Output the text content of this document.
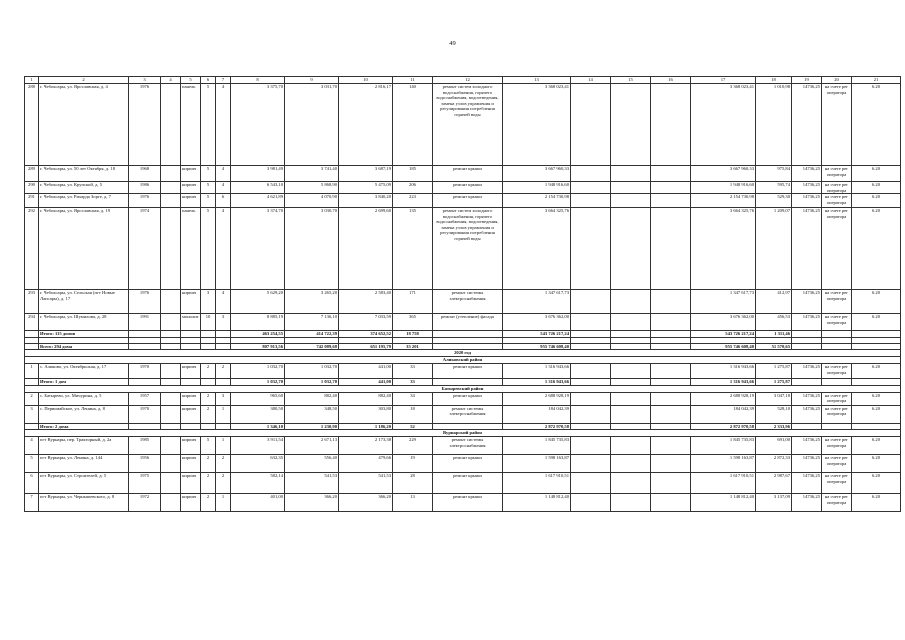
49
1	2	3	4	5	6	7	8	9	10	11	12	13	14	15	16	17	18	19	20	21
288	г. Чебоксары, ул. Ярославская, д. 4	1976		панель	5	4	3 375,70	3 031,70	2 816,17	140	ремонт систем холодного водоснабжения, горячего водоснабжения, водоотведения, замена узлов управления и регулирования потребления горячей воды	3 368 023,41				3 368 023,41	1 010,98	14736,25	на счете рег оператора	6.20
289	г. Чебоксары, ул. 50 лет Октября, д. 18	1968		кирпич	5	4	3 981,49	3 741,40	3 687,19	185	ремонт крыши	3 667 960,33				3 667 960,33	975,84	14736,25	на счете рег оператора	6.20
290	г. Чебоксары, ул. Крупской, д. 5	1986		кирпич	5	4	6 543,10	5 868,90	5 475,09	206	ремонт крыши	1 948 916,60				1 948 916,60	595,74	14736,25	на счете рег оператора	6.20
291	г. Чебоксары, ул. Рихарда Зорге, д. 7	1976		кирпич	5	6	4 621,89	4 070,90	3 840,20	223	ремонт крыши	2 154 730,98				2 154 730,98	529,30	14736,25	на счете рег оператора	6.20
292	г. Чебоксары, ул. Ярославская, д. 19	1974		панель	5	4	3 374,70	3 030,70	2 699,60	135	ремонт систем холодного водоснабжения, горячего водоснабжения, водоотведения, замена узлов управления и регулирования потребления горячей воды	3 664 325,76				3 664 325,76	1 209,07	14736,25	на счете рег оператора	6.20
293	г. Чебоксары, ул. Сельская (пгт Новые Лапсары), д. 17	1976		кирпич	3	4	5 629,20	3 265,20	2 583,40	171	ремонт системы электроснабжения	1 347 617,73				1 347 617,73	412,97	14736,25	на счете рег оператора	6.20
294	г. Чебоксары, ул. Шумилова, д. 28	1991		монолит	10	3	8 885,19	7 136,10	7 033,59	365	ремонт (утепление) фасада	3 676 362,00				3 676 362,00	456,53	14736,25	на счете рег оператора	6.20
	Итого: 115 домов						463 254,55	414 722,39	374 652,52	18 758		543 726 217,24				543 726 217,24	1 311,46			

	Всего: 294 дома						807 913,56	742 089,68	651 195,79	35 201		955 746 608,40				955 746 608,40	51 570,65			
2020 год																				
Аликовский район																				
1	с. Аликово, ул. Октябрьская, д. 17	1970		кирпич	2	2	1 032,70	1 032,70	441,00	33	ремонт крыши	1 316 943,66				1 316 943,66	1 275,87	14736,25	на счете рег оператора	6.20
	Итого: 1 дом						1 032,70	1 032,70	441,00	33		1 316 943,66				1 316 943,66	1 275,87			
Батыревский район																				
2	с. Батырево, ул. Мичурина, д. 5	1957		кирпич	2	3	965,60	882,40	882,40	34	ремонт крыши	2 688 928,19				2 688 928,19	3 047,18	14736,25	на счете рег оператора	6.20
3	с. Первомайское, ул. Ленина, д. 8	1970		кирпич	2	1	380,50	348,50	303,80	18	ремонт системы электроснабжения	184 042,39				184 042,39	528,10	14736,25	на счете рег оператора	6.20
	Итого: 2 дома						1 346,10	1 230,90	1 186,20	52		2 872 970,58				2 872 970,58	2 333,96			
Вурнарский район																				
4	пгт Вурнары, пер. Тракторный, д. 2а	1985		кирпич	5	1	3 911,54	2 671,13	2 173,38	229	ремонт системы электроснабжения	1 845 735,83				1 845 735,83	691,00	14736,25	на счете рег оператора	6.20
5	пгт Вурнары, ул. Ленина, д. 144	1956		кирпич	2	2	632,35	556,40	479,66	19	ремонт крыши	1 598 163,87				1 598 163,87	2 872,33	14736,25	на счете рег оператора	6.20
6	пгт Вурнары, ул. Строителей, д. 5	1975		кирпич	2	2	582,14	541,53	541,53	28	ремонт крыши	1 617 910,51				1 617 910,51	2 987,67	14736,25	на счете рег оператора	6.20
7	пгт Вурнары, ул. Чернышевского, д. 8	1972		кирпич	2	1	401,00	366,20	366,20	13	ремонт крыши	1 148 812,40				1 148 812,40	3 137,09	14736,25	на счете рег оператора	6.20
